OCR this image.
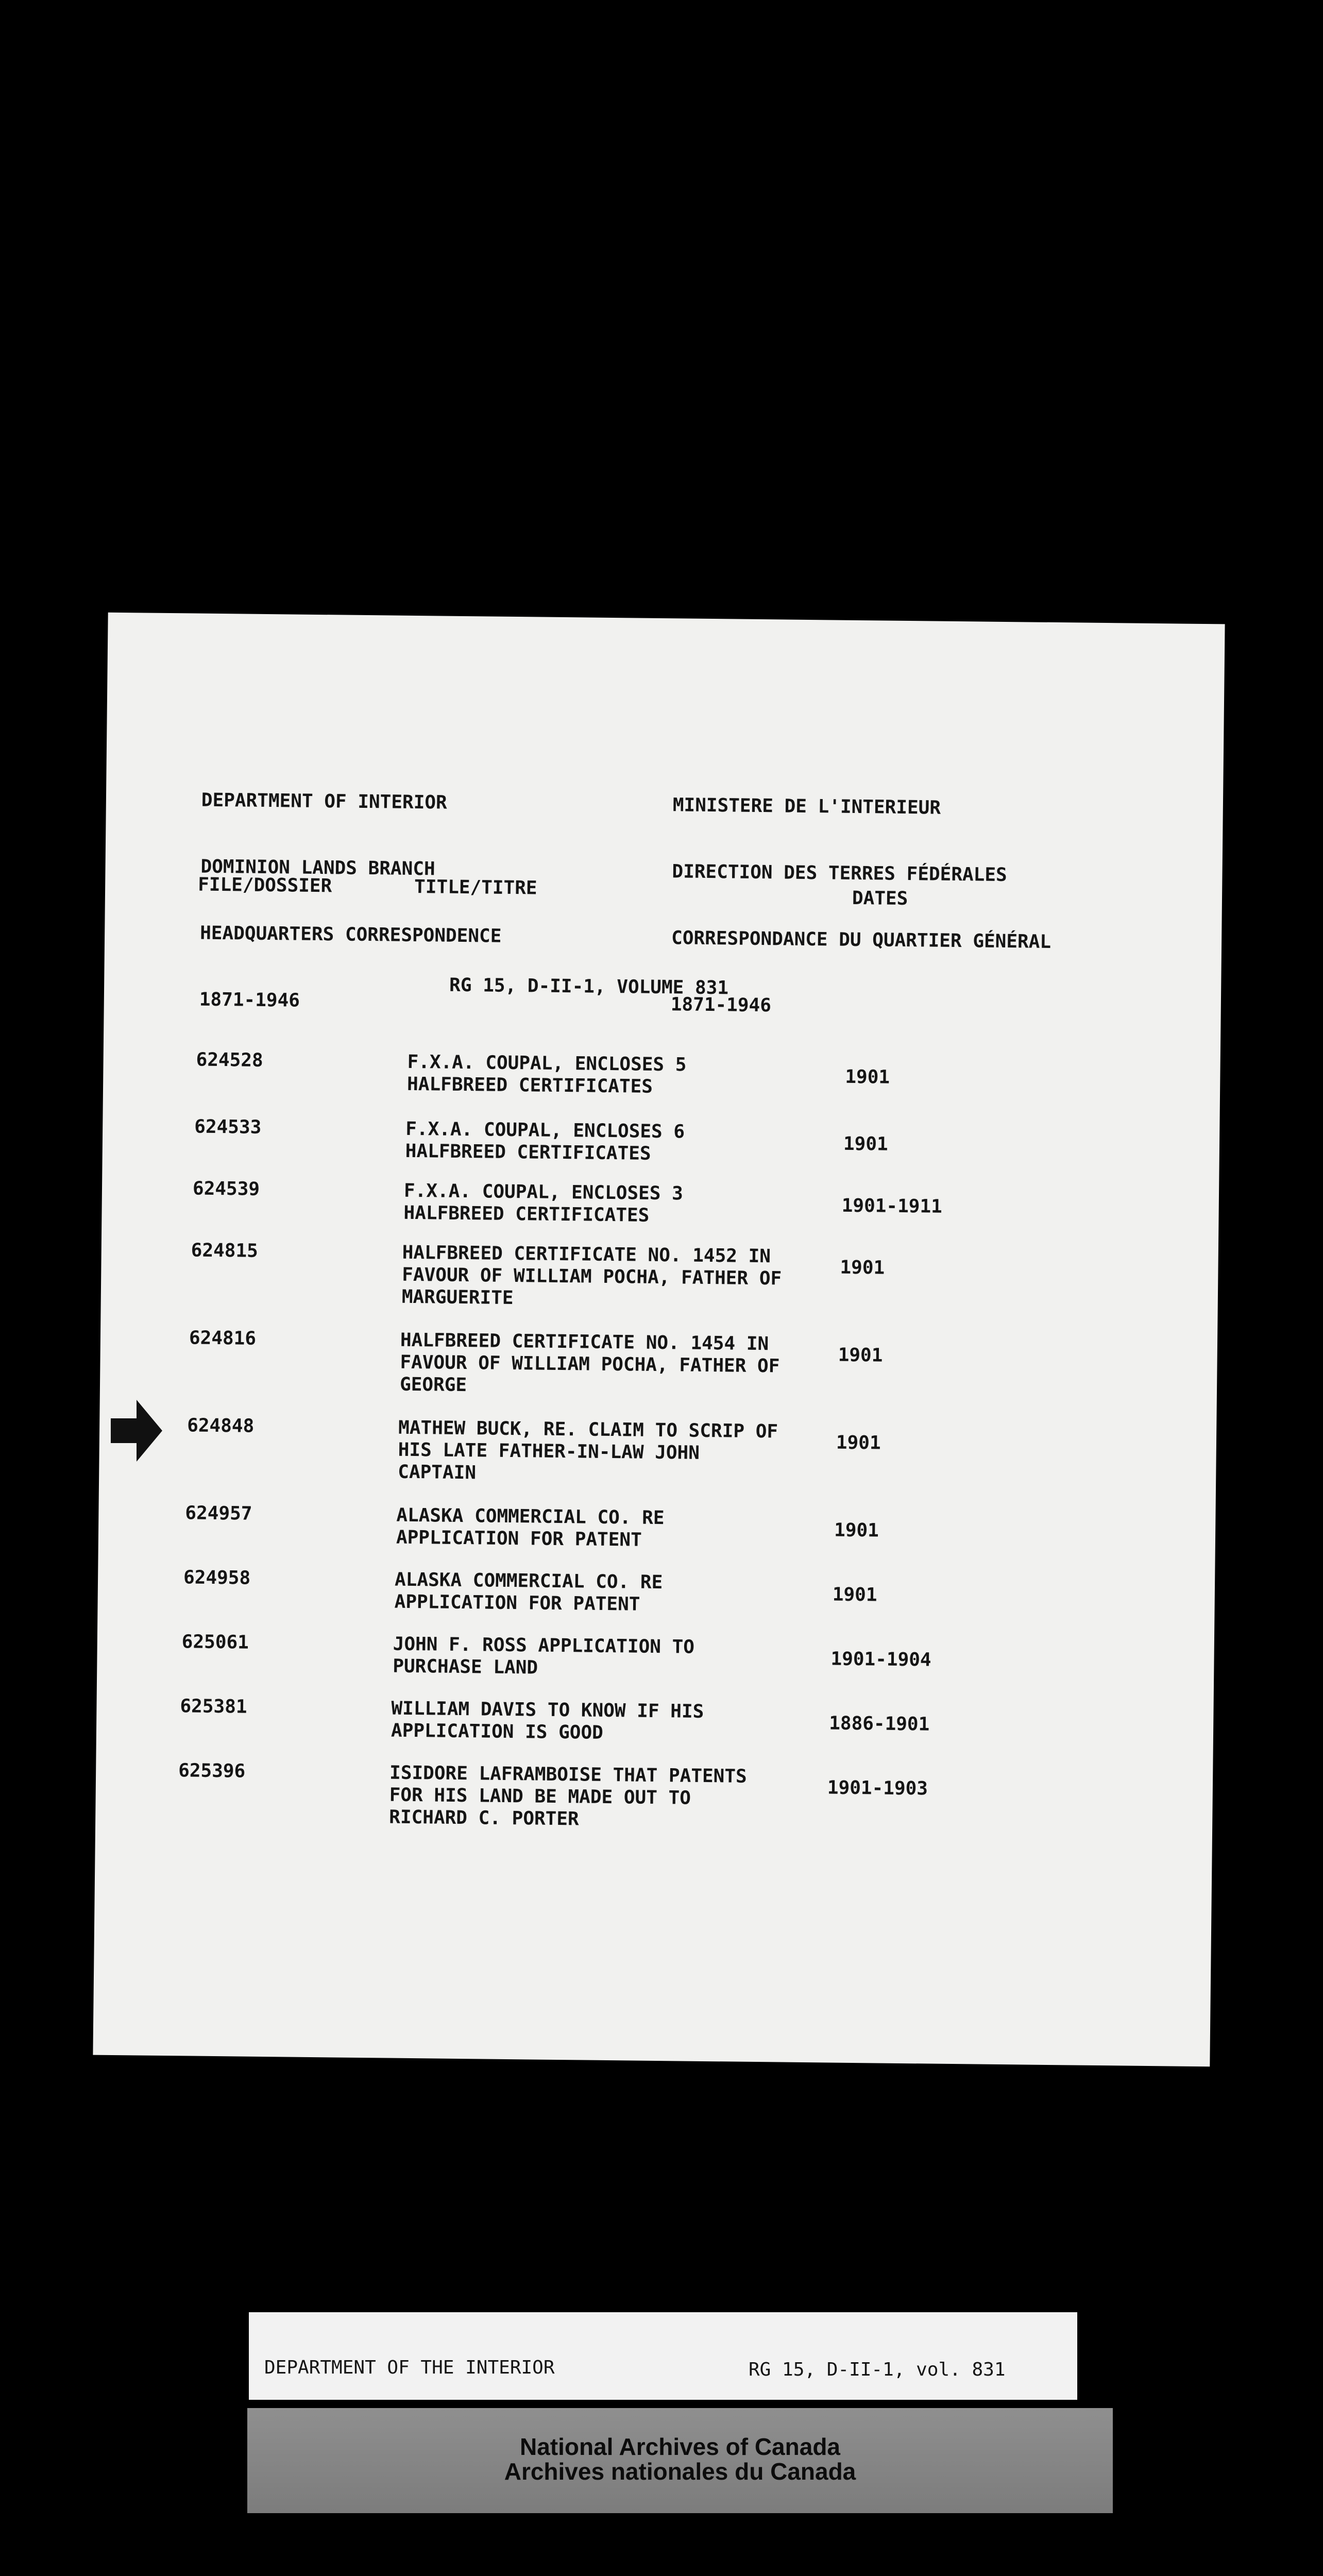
DEPARTMENT OF INTERIOR

DOMINION LANDS BRANCH

HEADQUARTERS CORRESPONDENCE

1871-1946

MINISTERE DE L'INTERIEUR

DIRECTION DES TERRES FÉDÉRALES

CORRESPONDANCE DU QUARTIER GÉNÉRAL

1871-1946

FILE/DOSSIER	TITLE/TITRE	DATES
RG 15, D-II-1, VOLUME 831
624528	F.X.A. COUPAL, ENCLOSES 5
HALFBREED CERTIFICATES	1901
624533	F.X.A. COUPAL, ENCLOSES 6
HALFBREED CERTIFICATES	1901
624539	F.X.A. COUPAL, ENCLOSES 3
HALFBREED CERTIFICATES	1901-1911
624815	HALFBREED CERTIFICATE NO. 1452 IN
FAVOUR OF WILLIAM POCHA, FATHER OF
MARGUERITE
1901
624816	HALFBREED CERTIFICATE NO. 1454 IN
FAVOUR OF WILLIAM POCHA, FATHER OF
GEORGE
1901
624848	MATHEW BUCK, RE. CLAIM TO SCRIP OF
HIS LATE FATHER-IN-LAW JOHN
CAPTAIN
1901
624957	ALASKA COMMERCIAL CO. RE
APPLICATION FOR PATENT	1901
624958	ALASKA COMMERCIAL CO. RE
APPLICATION FOR PATENT	1901
625061	JOHN F. ROSS APPLICATION TO
PURCHASE LAND	1901-1904
625381	WILLIAM DAVIS TO KNOW IF HIS
APPLICATION IS GOOD	1886-1901
625396	ISIDORE LAFRAMBOISE THAT PATENTS
FOR HIS LAND BE MADE OUT TO
RICHARD C. PORTER
1901-1903

DEPARTMENT OF THE INTERIOR

	RG 15, D-II-1, vol. 831

National Archives of Canada
Archives nationales du Canada
